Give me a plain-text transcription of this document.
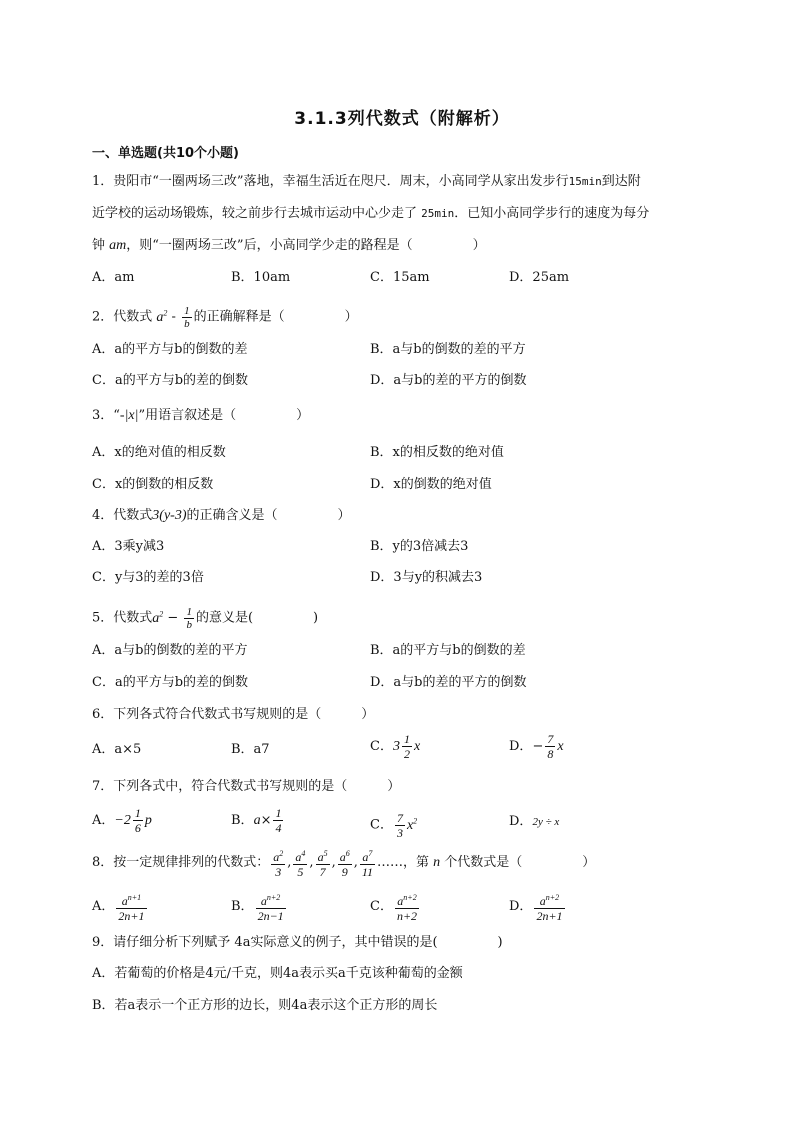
3.1.3列代数式（附解析）
一、单选题(共10个小题)
1．贵阳市“一圈两场三改”落地，幸福生活近在咫尺．周末，小高同学从家出发步行15min到达附
近学校的运动场锻炼，较之前步行去城市运动中心少走了 25min．已知小高同学步行的速度为每分
钟 am，则“一圈两场三改”后，小高同学少走的路程是（	）
A．am	B．10am	C．15am	D．25am
2．代数式 $a^2 - \frac{1}{b}$ 的正确解释是（	）
A．a的平方与b的倒数的差	B．a与b的倒数的差的平方
C．a的平方与b的差的倒数	D．a与b的差的平方的倒数
3．“-|x|”用语言叙述是（	）
A．x的绝对值的相反数	B．x的相反数的绝对值
C．x的倒数的相反数	D．x的倒数的绝对值
4．代数式3(y-3)的正确含义是（	）
A．3乘y减3	B．y的3倍减去3
C．y与3的差的3倍	D．3与y的积减去3
5．代数式$a^2 - \frac{1}{b}$ 的意义是(	)
A．a与b的倒数的差的平方	B．a的平方与b的倒数的差
C．a的平方与b的差的倒数	D．a与b的差的平方的倒数
6．下列各式符合代数式书写规则的是（	）
A．a×5	B．a7	C．$3 \frac{1}{2}$ x	D．− $\frac{7}{8}$ x
7．下列各式中，符合代数式书写规则的是（	）
A．$-2 \frac{1}{6}$ p	B．$a\times \frac{1}{4}$	C． $\frac{7}{3} x^2$	D．2y ÷ x
8．按一定规律排列的代数式： $\frac{a^2}{3}$ , $\frac{a^4}{5}$ , $\frac{a^5}{7}$ , $\frac{a^6}{9}$ , $\frac{a^7}{11}$ ……，第 n 个代数式是（	）
A． $\frac{a^{n+1}}{2n+1}$	B． $\frac{a^{n+2}}{2n-1}$	C． $\frac{a^{n+2}}{n+2}$	D． $\frac{a^{n+2}}{2n+1}$
9．请仔细分析下列赋予 4a实际意义的例子，其中错误的是(	)
A．若葡萄的价格是4元/千克，则4a表示买a千克该种葡萄的金额
B．若a表示一个正方形的边长，则4a表示这个正方形的周长
